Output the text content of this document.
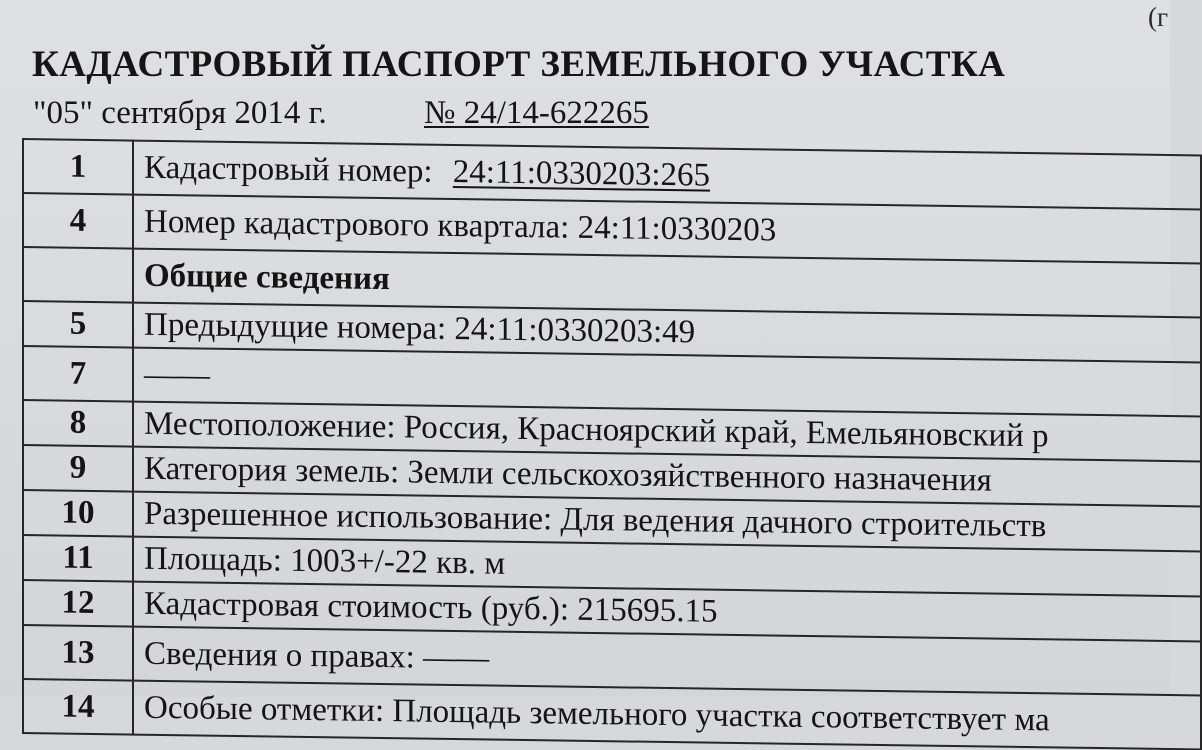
(г
КАДАСТРОВЫЙ ПАСПОРТ ЗЕМЕЛЬНОГО УЧАСТКА
"05" сентября 2014 г.	№ 24/14-622265
1	Кадастровый номер: 24:11:0330203:265
4	Номер кадастрового квартала: 24:11:0330203
	Общие сведения
5	Предыдущие номера: 24:11:0330203:49
7	——
8	Местоположение: Россия, Красноярский край, Емельяновский р
9	Категория земель: Земли сельскохозяйственного назначения
10	Разрешенное использование: Для ведения дачного строительств
11	Площадь: 1003+/-22 кв. м
12	Кадастровая стоимость (руб.): 215695.15
13	Сведения о правах: ——
14	Особые отметки: Площадь земельного участка соответствует ма
